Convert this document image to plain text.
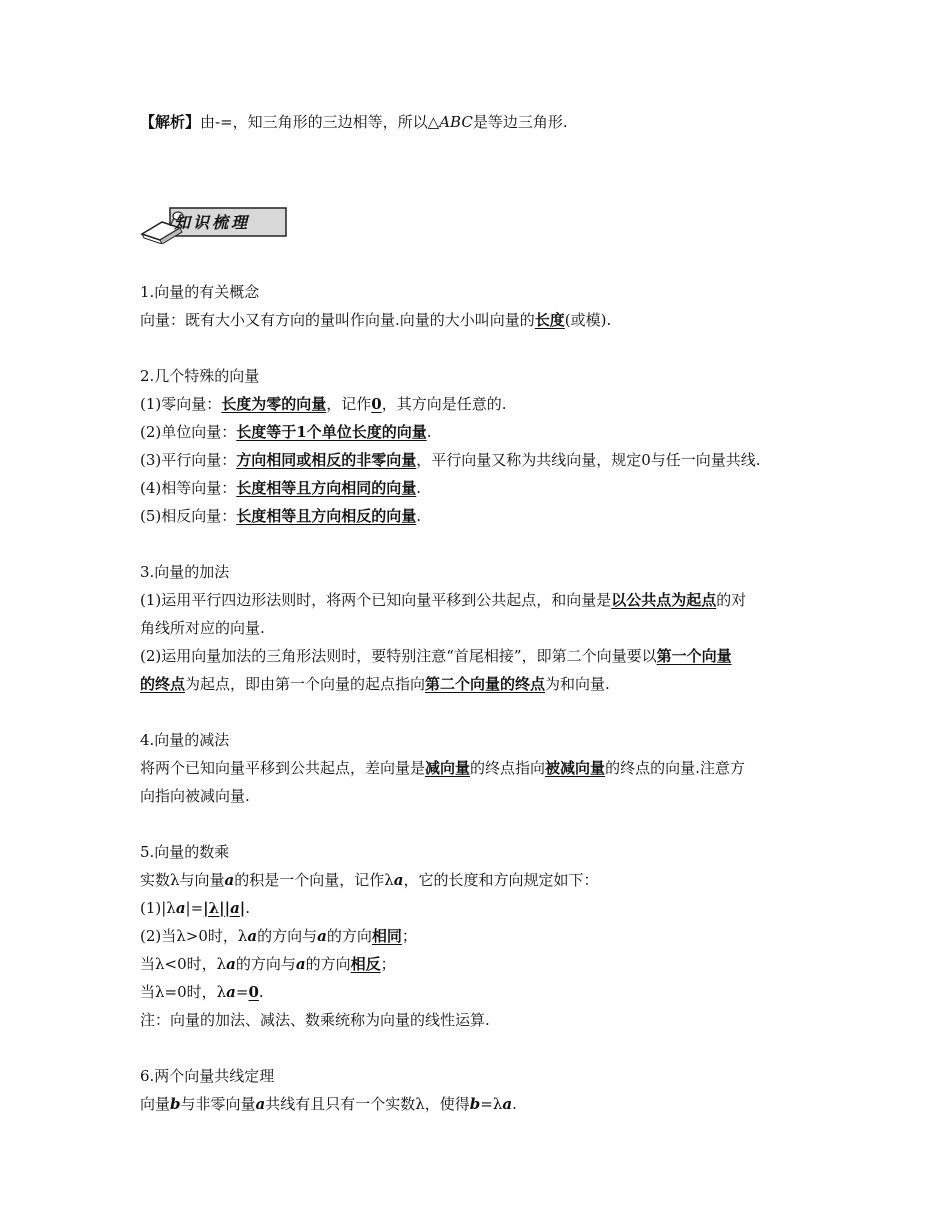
【解析】由-=，知三角形的三边相等，所以△ABC是等边三角形.
知识梳理
1.向量的有关概念
向量：既有大小又有方向的量叫作向量.向量的大小叫向量的长度(或模).
2.几个特殊的向量
(1)零向量：长度为零的向量，记作0，其方向是任意的.
(2)单位向量：长度等于1个单位长度的向量.
(3)平行向量：方向相同或相反的非零向量，平行向量又称为共线向量，规定0与任一向量共线.
(4)相等向量：长度相等且方向相同的向量.
(5)相反向量：长度相等且方向相反的向量.
3.向量的加法
(1)运用平行四边形法则时，将两个已知向量平移到公共起点，和向量是以公共点为起点的对
角线所对应的向量.
(2)运用向量加法的三角形法则时，要特别注意“首尾相接”，即第二个向量要以第一个向量
的终点为起点，即由第一个向量的起点指向第二个向量的终点为和向量.
4.向量的减法
将两个已知向量平移到公共起点，差向量是减向量的终点指向被减向量的终点的向量.注意方
向指向被减向量.
5.向量的数乘
实数λ与向量a的积是一个向量，记作λa，它的长度和方向规定如下：
(1)|λa|=|λ||a|.
(2)当λ>0时，λa的方向与a的方向相同；
当λ<0时，λa的方向与a的方向相反；
当λ=0时，λa=0.
注：向量的加法、减法、数乘统称为向量的线性运算.
6.两个向量共线定理
向量b与非零向量a共线有且只有一个实数λ，使得b=λa.
